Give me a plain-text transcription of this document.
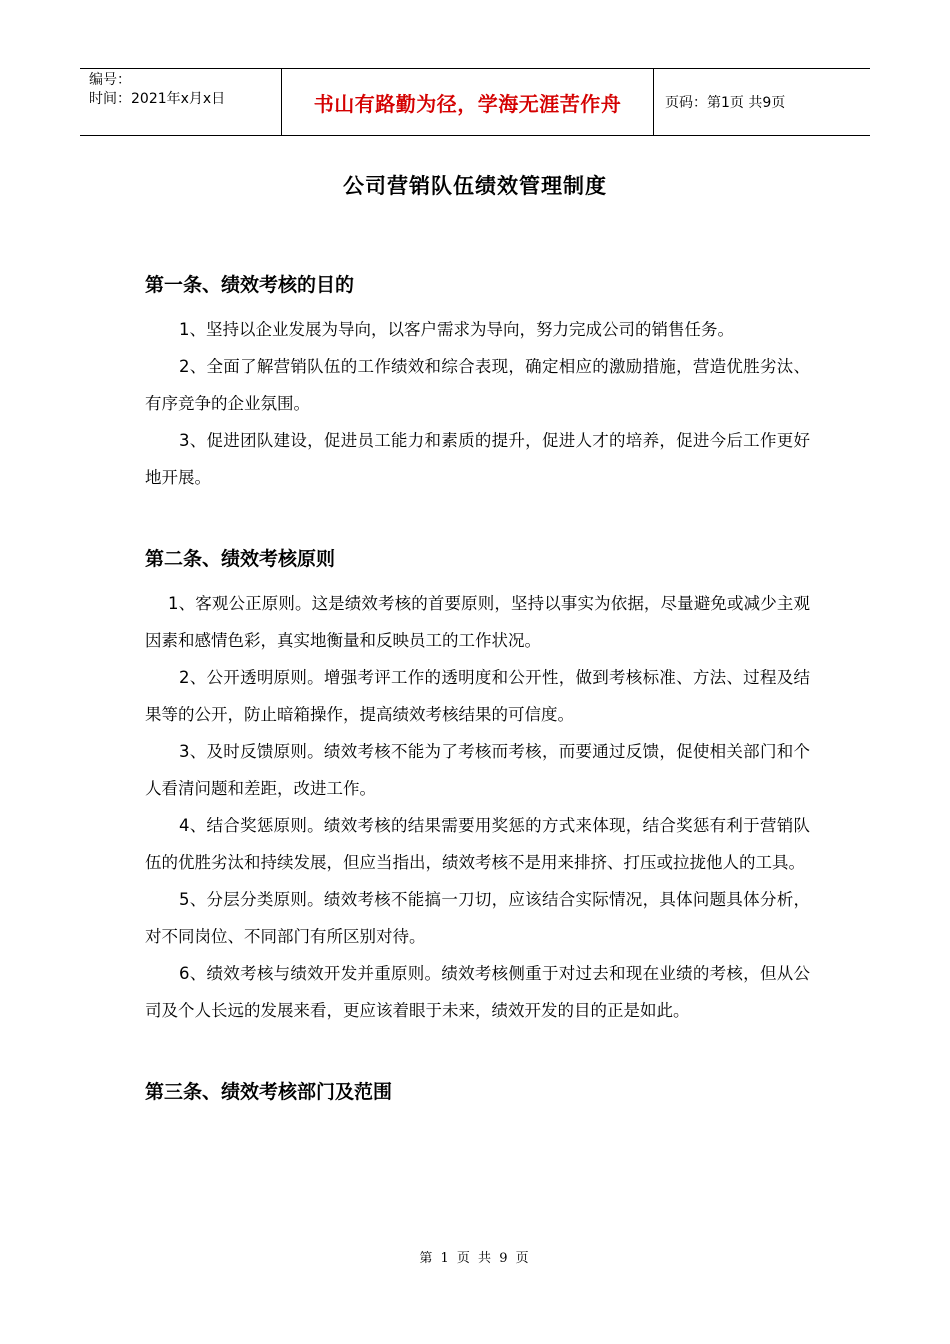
编号：
时间：2021年x月x日	书山有路勤为径，学海无涯苦作舟	页码：第1页 共9页
公司营销队伍绩效管理制度

第一条、绩效考核的目的

1、坚持以企业发展为导向，以客户需求为导向，努力完成公司的销售任务。

2、全面了解营销队伍的工作绩效和综合表现，确定相应的激励措施，营造优胜劣汰、有序竞争的企业氛围。

3、促进团队建设，促进员工能力和素质的提升，促进人才的培养，促进今后工作更好地开展。

第二条、绩效考核原则

1、客观公正原则。这是绩效考核的首要原则，坚持以事实为依据，尽量避免或减少主观因素和感情色彩，真实地衡量和反映员工的工作状况。

2、公开透明原则。增强考评工作的透明度和公开性，做到考核标准、方法、过程及结果等的公开，防止暗箱操作，提高绩效考核结果的可信度。

3、及时反馈原则。绩效考核不能为了考核而考核，而要通过反馈，促使相关部门和个人看清问题和差距，改进工作。

4、结合奖惩原则。绩效考核的结果需要用奖惩的方式来体现，结合奖惩有利于营销队伍的优胜劣汰和持续发展，但应当指出，绩效考核不是用来排挤、打压或拉拢他人的工具。

5、分层分类原则。绩效考核不能搞一刀切，应该结合实际情况，具体问题具体分析，对不同岗位、不同部门有所区别对待。

6、绩效考核与绩效开发并重原则。绩效考核侧重于对过去和现在业绩的考核，但从公司及个人长远的发展来看，更应该着眼于未来，绩效开发的目的正是如此。

第三条、绩效考核部门及范围

第 1 页 共 9 页
